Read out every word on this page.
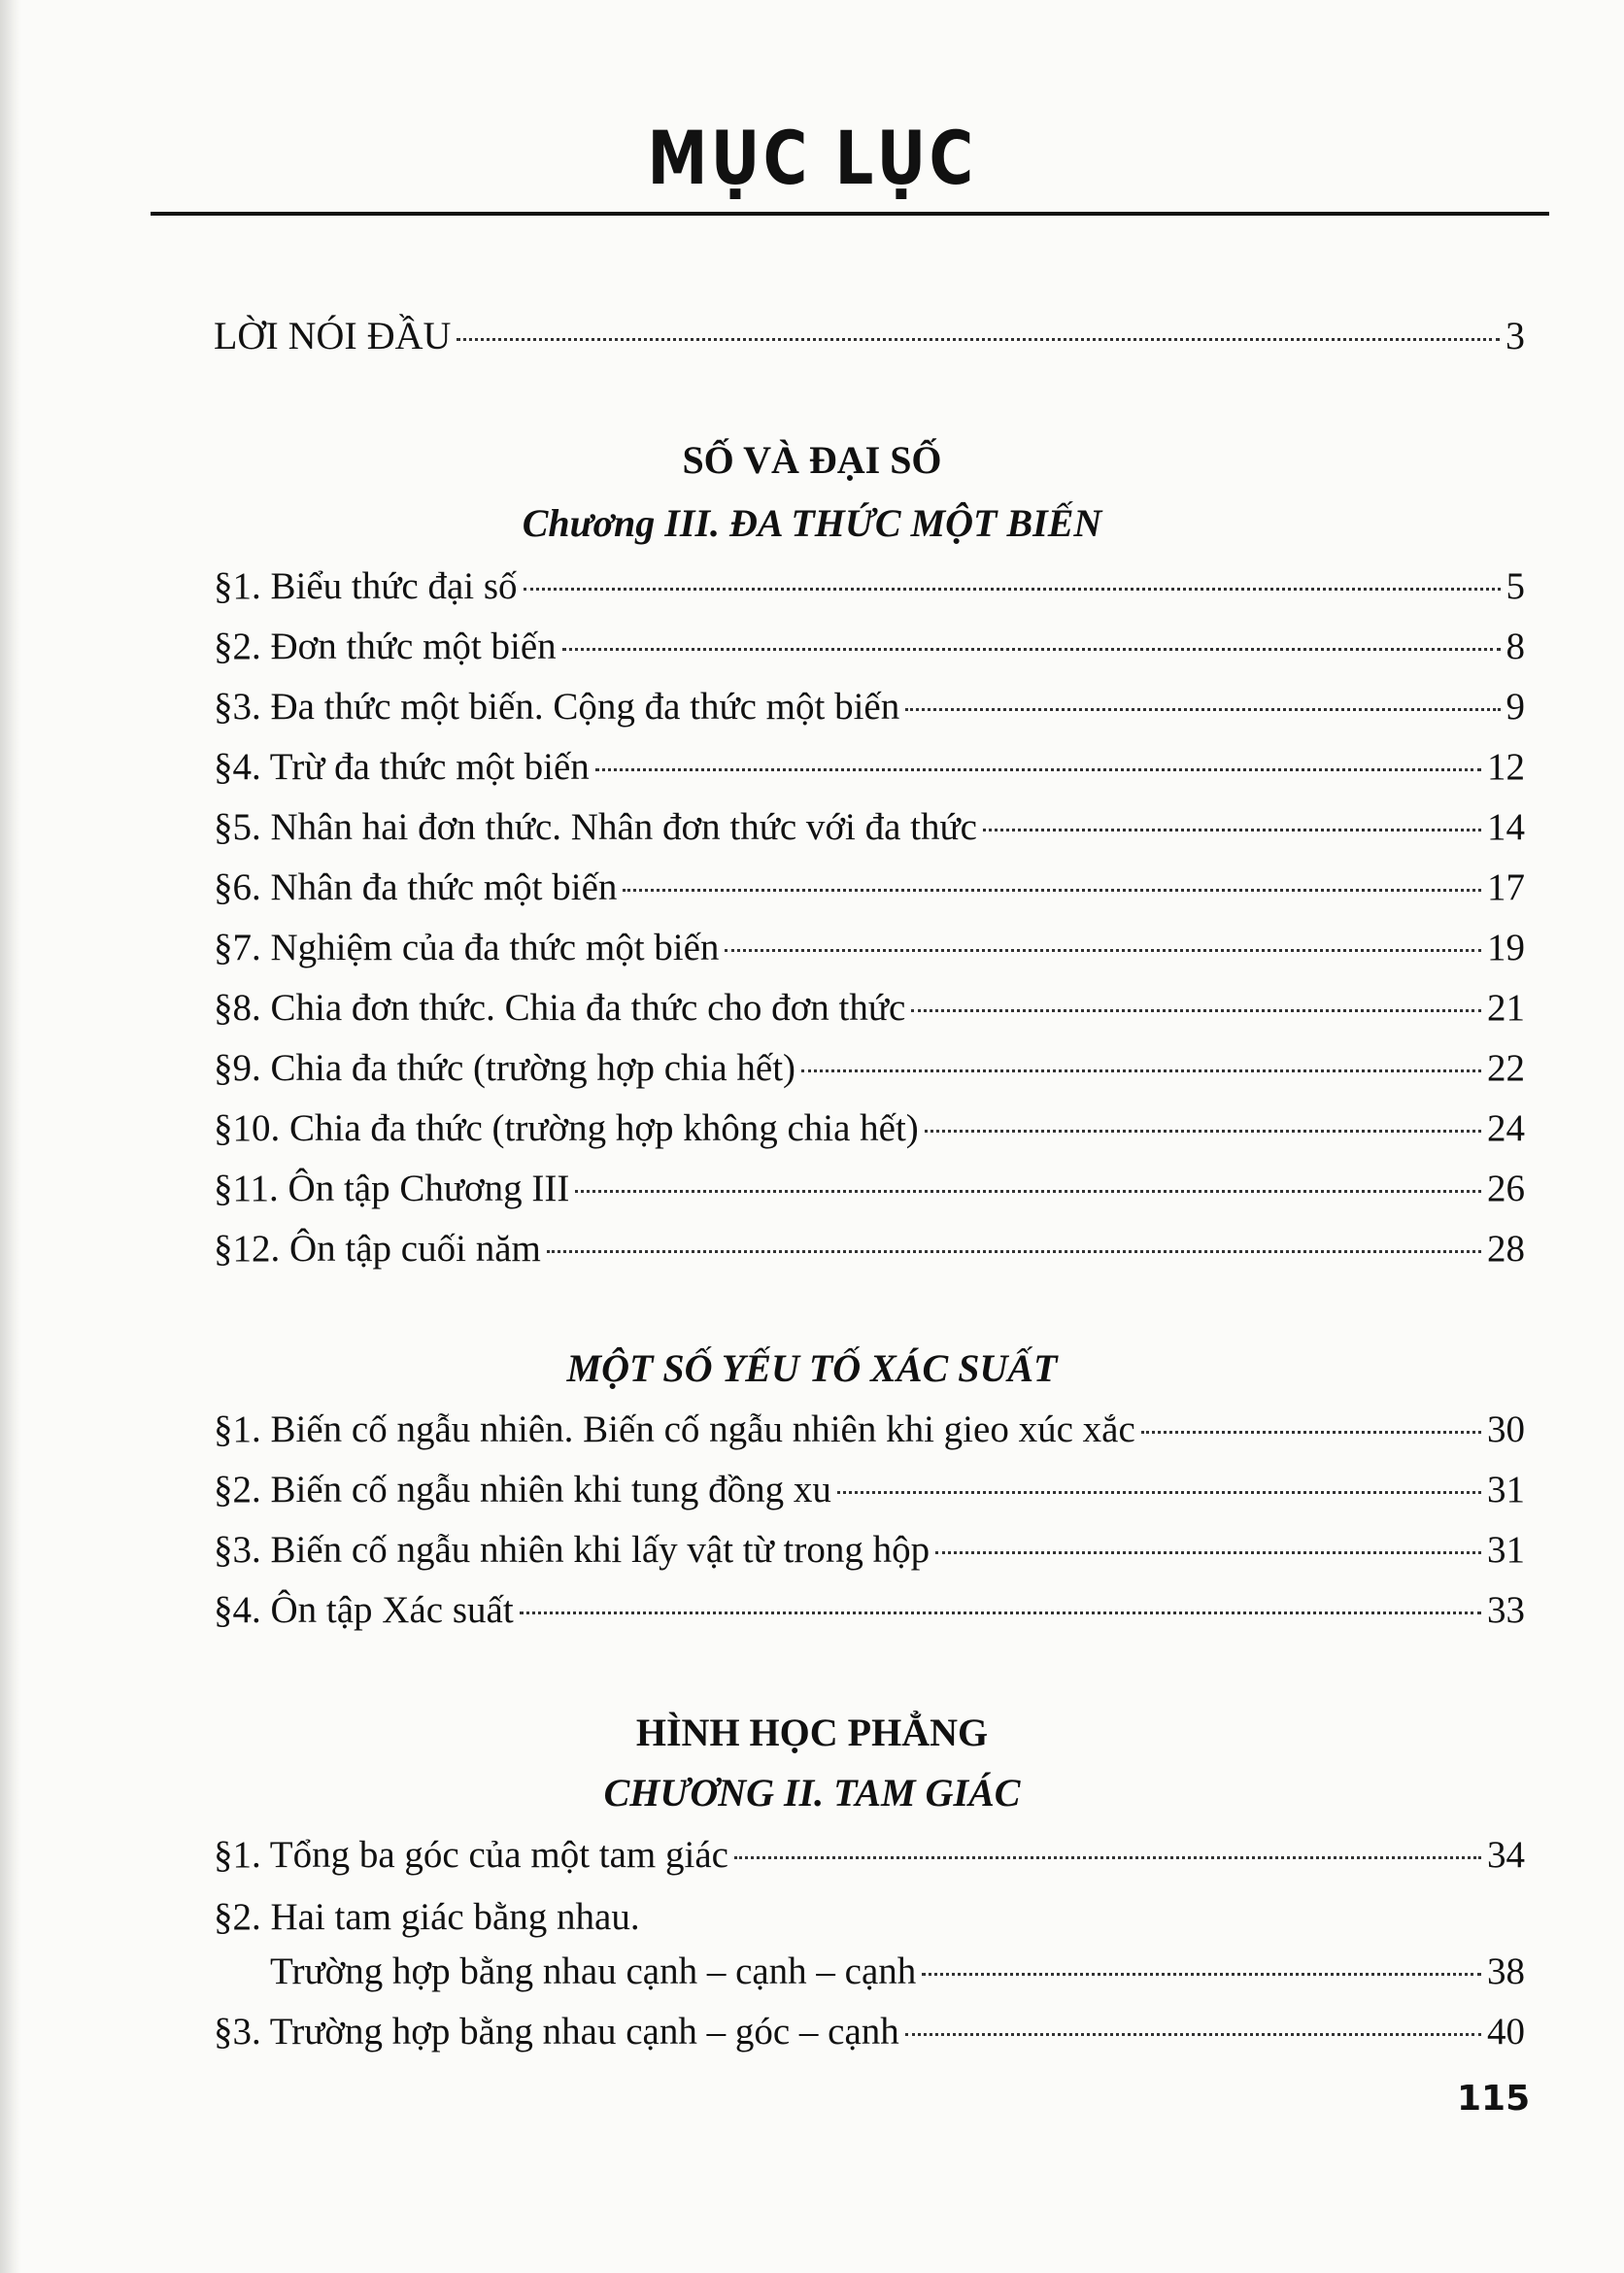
MỤC LỤC
LỜI NÓI ĐẦU	3
SỐ VÀ ĐẠI SỐ
Chương III. ĐA THỨC MỘT BIẾN
§1. Biểu thức đại số	5
§2. Đơn thức một biến	8
§3. Đa thức một biến. Cộng đa thức một biến	9
§4. Trừ đa thức một biến	12
§5. Nhân hai đơn thức. Nhân đơn thức với đa thức	14
§6. Nhân đa thức một biến	17
§7. Nghiệm của đa thức một biến	19
§8. Chia đơn thức. Chia đa thức cho đơn thức	21
§9. Chia đa thức (trường hợp chia hết)	22
§10. Chia đa thức (trường hợp không chia hết)	24
§11. Ôn tập Chương III	26
§12. Ôn tập cuối năm	28
MỘT SỐ YẾU TỐ XÁC SUẤT
§1. Biến cố ngẫu nhiên. Biến cố ngẫu nhiên khi gieo xúc xắc	30
§2. Biến cố ngẫu nhiên khi tung đồng xu	31
§3. Biến cố ngẫu nhiên khi lấy vật từ trong hộp	31
§4. Ôn tập Xác suất	33
HÌNH HỌC PHẲNG
CHƯƠNG II. TAM GIÁC
§1. Tổng ba góc của một tam giác	34
§2. Hai tam giác bằng nhau.
Trường hợp bằng nhau cạnh – cạnh – cạnh	38
§3. Trường hợp bằng nhau cạnh – góc – cạnh	40
115
